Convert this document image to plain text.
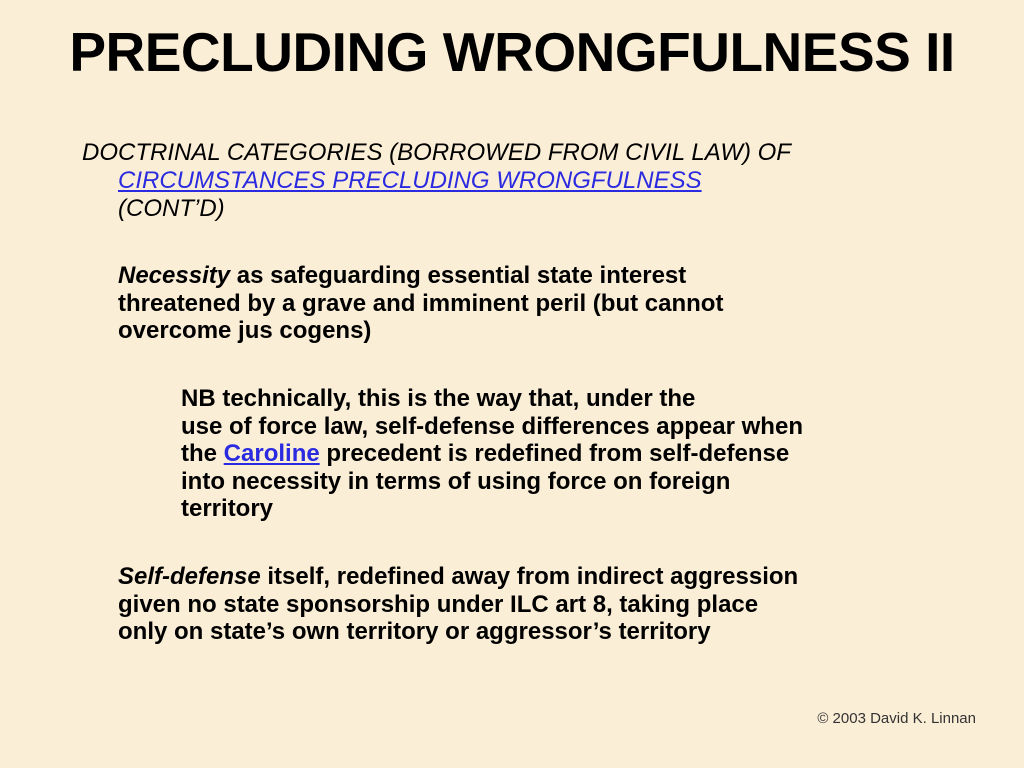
PRECLUDING WRONGFULNESS II
DOCTRINAL CATEGORIES (BORROWED FROM CIVIL LAW) OF
CIRCUMSTANCES PRECLUDING WRONGFULNESS
(CONT’D)
Necessity as safeguarding essential state interest
threatened by a grave and imminent peril (but cannot
overcome jus cogens)
NB technically, this is the way that, under the
use of force law, self-defense differences appear when
the Caroline precedent is redefined from self-defense
into necessity in terms of using force on foreign
territory
Self-defense itself, redefined away from indirect aggression
given no state sponsorship under ILC art 8, taking place
only on state’s own territory or aggressor’s territory
© 2003 David K. Linnan
